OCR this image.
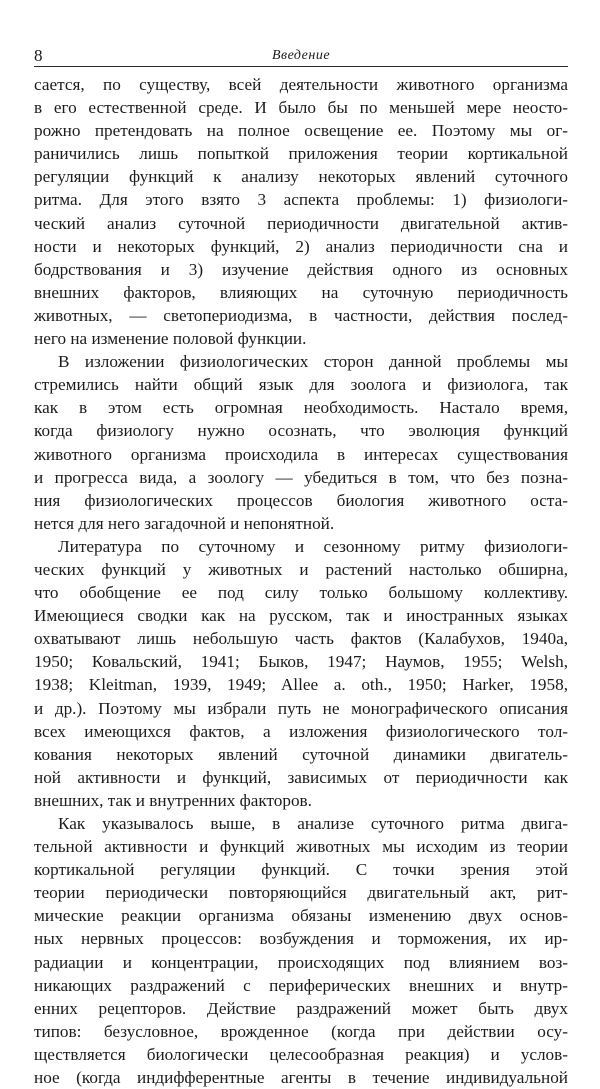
8	Введение

сается, по существу, всей деятельности животного организма
в его естественной среде. И было бы по меньшей мере неосто-
рожно претендовать на полное освещение ее. Поэтому мы ог-
раничились лишь попыткой приложения теории кортикальной
регуляции функций к анализу некоторых явлений суточного
ритма. Для этого взято 3 аспекта проблемы: 1) физиологи-
ческий анализ суточной периодичности двигательной актив-
ности и некоторых функций, 2) анализ периодичности сна и
бодрствования и 3) изучение действия одного из основных
внешних факторов, влияющих на суточную периодичность
животных, — светопериодизма, в частности, действия послед-
него на изменение половой функции.

В изложении физиологических сторон данной проблемы мы
стремились найти общий язык для зоолога и физиолога, так
как в этом есть огромная необходимость. Настало время,
когда физиологу нужно осознать, что эволюция функций
животного организма происходила в интересах существования
и прогресса вида, а зоологу — убедиться в том, что без позна-
ния физиологических процессов биология животного оста-
нется для него загадочной и непонятной.

Литература по суточному и сезонному ритму физиологи-
ческих функций у животных и растений настолько обширна,
что обобщение ее под силу только большому коллективу.
Имеющиеся сводки как на русском, так и иностранных языках
охватывают лишь небольшую часть фактов (Калабухов, 1940а,
1950; Ковальский, 1941; Быков, 1947; Наумов, 1955; Welsh,
1938; Kleitman, 1939, 1949; Allee a. oth., 1950; Harker, 1958,
и др.). Поэтому мы избрали путь не монографического описания
всех имеющихся фактов, а изложения физиологического тол-
кования некоторых явлений суточной динамики двигатель-
ной активности и функций, зависимых от периодичности как
внешних, так и внутренних факторов.

Как указывалось выше, в анализе суточного ритма двига-
тельной активности и функций животных мы исходим из теории
кортикальной регуляции функций. С точки зрения этой
теории периодически повторяющийся двигательный акт, рит-
мические реакции организма обязаны изменению двух основ-
ных нервных процессов: возбуждения и торможения, их ир-
радиации и концентрации, происходящих под влиянием воз-
никающих раздражений с периферических внешних и внутр-
енних рецепторов. Действие раздражений может быть двух
типов: безусловное, врожденное (когда при действии осу-
ществляется биологически целесообразная реакция) и услов-
ное (когда индифферентные агенты в течение индивидуальной
